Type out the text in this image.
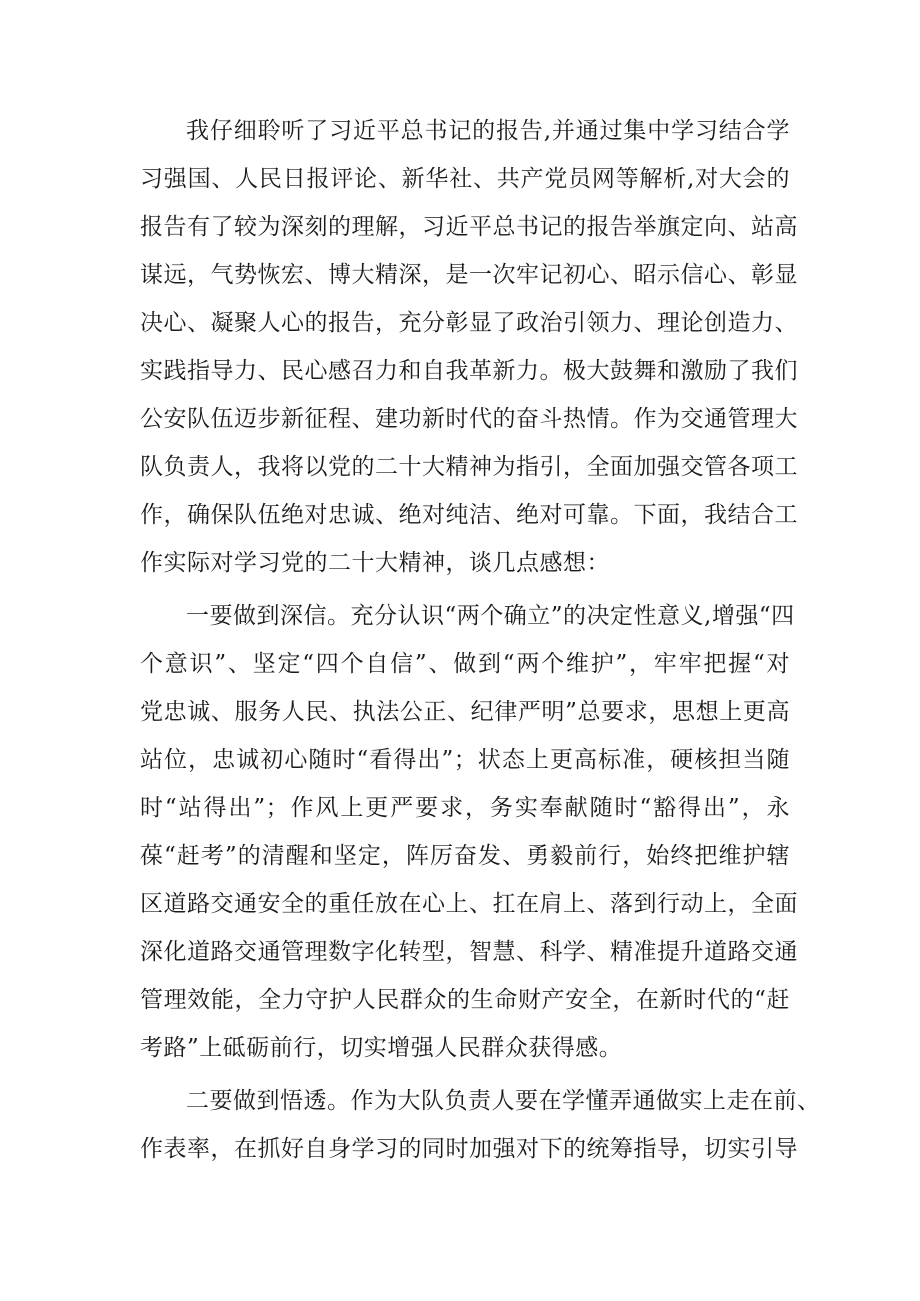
我仔细聆听了习近平总书记的报告,并通过集中学习结合学
习强国、人民日报评论、新华社、共产党员网等解析,对大会的
报告有了较为深刻的理解，习近平总书记的报告举旗定向、站高
谋远，气势恢宏、博大精深，是一次牢记初心、昭示信心、彰显
决心、凝聚人心的报告，充分彰显了政治引领力、理论创造力、
实践指导力、民心感召力和自我革新力。极大鼓舞和激励了我们
公安队伍迈步新征程、建功新时代的奋斗热情。作为交通管理大
队负责人，我将以党的二十大精神为指引，全面加强交管各项工
作，确保队伍绝对忠诚、绝对纯洁、绝对可靠。下面，我结合工
作实际对学习党的二十大精神，谈几点感想：
一要做到深信。充分认识“两个确立”的决定性意义,增强“四
个意识”、坚定“四个自信”、做到“两个维护”，牢牢把握“对
党忠诚、服务人民、执法公正、纪律严明”总要求，思想上更高
站位，忠诚初心随时“看得出”；状态上更高标准，硬核担当随
时“站得出”；作风上更严要求，务实奉献随时“豁得出”，永
葆“赶考”的清醒和坚定，阵厉奋发、勇毅前行，始终把维护辖
区道路交通安全的重任放在心上、扛在肩上、落到行动上，全面
深化道路交通管理数字化转型，智慧、科学、精准提升道路交通
管理效能，全力守护人民群众的生命财产安全，在新时代的“赶
考路”上砥砺前行，切实增强人民群众获得感。
二要做到悟透。作为大队负责人要在学懂弄通做实上走在前、
作表率，在抓好自身学习的同时加强对下的统筹指导，切实引导
